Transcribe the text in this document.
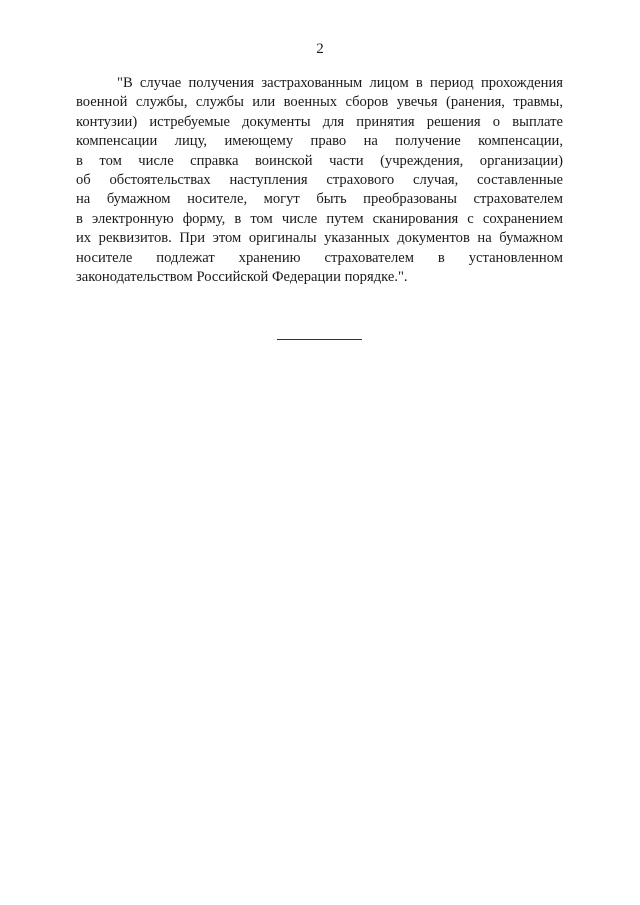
2
"В случае получения застрахованным лицом в период прохождения
военной службы, службы или военных сборов увечья (ранения, травмы,
контузии) истребуемые документы для принятия решения о выплате
компенсации лицу, имеющему право на получение компенсации,
в том числе справка воинской части (учреждения, организации)
об обстоятельствах наступления страхового случая, составленные
на бумажном носителе, могут быть преобразованы страхователем
в электронную форму, в том числе путем сканирования с сохранением
их реквизитов. При этом оригиналы указанных документов на бумажном
носителе подлежат хранению страхователем в установленном
законодательством Российской Федерации порядке.".
